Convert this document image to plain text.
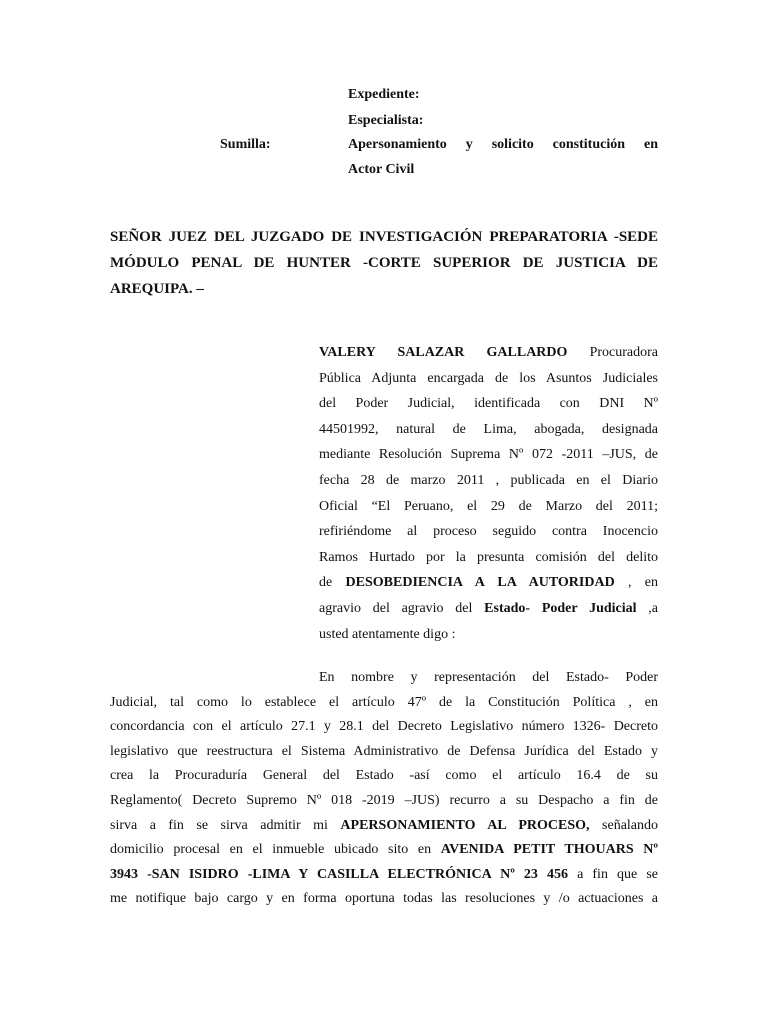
Expediente:
Especialista:
Sumilla:	Apersonamiento y solicito constitución en
Actor Civil
SEÑOR JUEZ DEL JUZGADO DE INVESTIGACIÓN PREPARATORIA -SEDE
MÓDULO PENAL DE HUNTER -CORTE SUPERIOR DE JUSTICIA DE
AREQUIPA. –
VALERY SALAZAR GALLARDO Procuradora
Pública Adjunta encargada de los Asuntos Judiciales
del Poder Judicial, identificada con DNI Nº
44501992, natural de Lima, abogada, designada
mediante Resolución Suprema Nº 072 -2011 –JUS, de
fecha 28 de marzo 2011 , publicada en el Diario
Oficial “El Peruano, el 29 de Marzo del 2011;
refiriéndome al proceso seguido contra Inocencio
Ramos Hurtado por la presunta comisión del delito
de DESOBEDIENCIA A LA AUTORIDAD , en
agravio del agravio del Estado- Poder Judicial ,a
usted atentamente digo :
En nombre y representación del Estado- Poder
Judicial, tal como lo establece el artículo 47º de la Constitución Política , en
concordancia con el artículo 27.1 y 28.1 del Decreto Legislativo número 1326- Decreto
legislativo que reestructura el Sistema Administrativo de Defensa Jurídica del Estado y
crea la Procuraduría General del Estado -así como el artículo 16.4 de su
Reglamento( Decreto Supremo Nº 018 -2019 –JUS) recurro a su Despacho a fin de
sirva a fin se sirva admitir mi APERSONAMIENTO AL PROCESO, señalando
domicilio procesal en el inmueble ubicado sito en AVENIDA PETIT THOUARS Nº
3943 -SAN ISIDRO -LIMA Y CASILLA ELECTRÓNICA Nº 23 456 a fin que se
me notifique bajo cargo y en forma oportuna todas las resoluciones y /o actuaciones a
